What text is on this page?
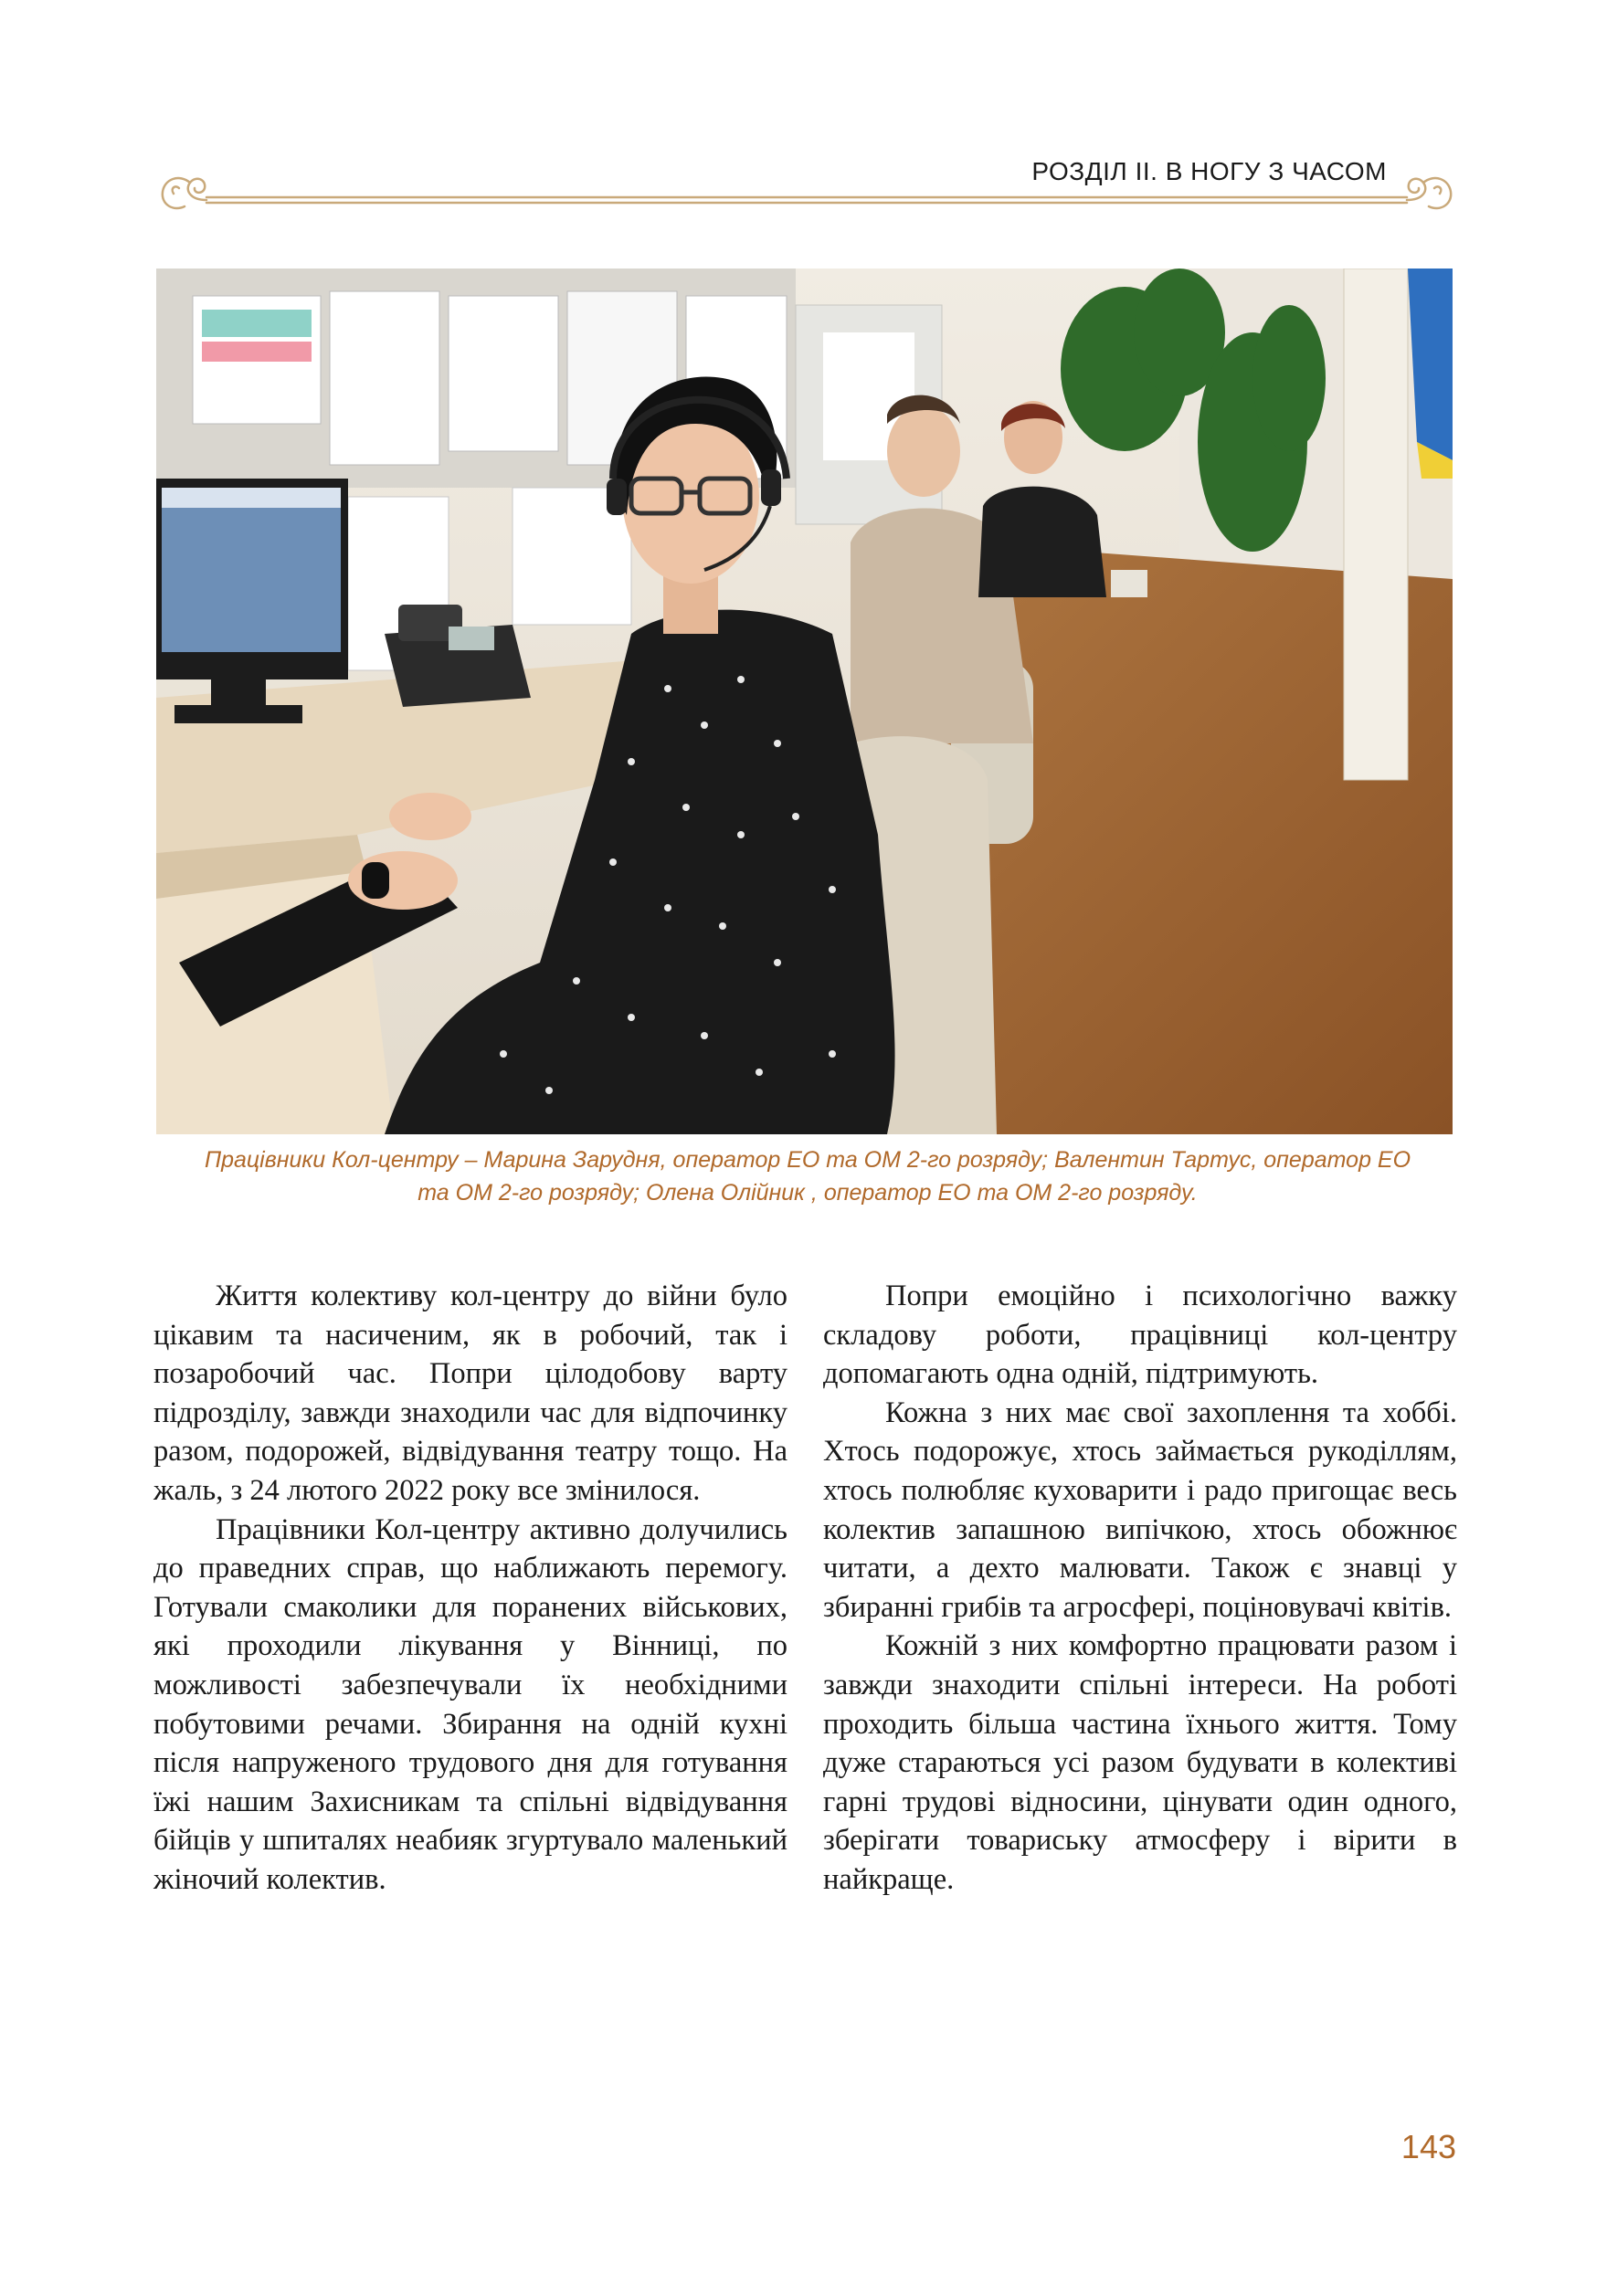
РОЗДІЛ ІІ. В НОГУ З ЧАСОМ
Працівники Кол-центру – Марина Зарудня, оператор ЕО та ОМ 2-го розряду; Валентин Тартус, оператор ЕО
та ОМ 2-го розряду; Олена Олійник , оператор ЕО та ОМ 2-го розряду.

Життя колективу кол-центру до війни було цікавим та насиченим, як в робочий, так і позаробочий час. Попри цілодобову варту підрозділу, завжди знаходили час для відпочинку разом, подорожей, відвідування театру тощо. На жаль, з 24 лютого 2022 року все змінилося.

Працівники Кол-центру активно долучились до праведних справ, що наближають перемогу. Готували смаколики для поранених військових, які проходили лікування у Вінниці, по можливості забезпечували їх необхідними побутовими речами. Збирання на одній кухні після напруженого трудового дня для готування їжі нашим Захисникам та спільні відвідування бійців у шпиталях неабияк згуртувало маленький жіночий колектив.

Попри емоційно і психологічно важку складову роботи, працівниці кол-центру допомагають одна одній, підтримують.

Кожна з них має свої захоплення та хоббі. Хтось подорожує, хтось займається рукоділлям, хтось полюбляє куховарити і радо пригощає весь колектив запашною випічкою, хтось обожнює читати, а дехто малювати. Також є знавці у збиранні грибів та агросфері, поціновувачі квітів.

Кожній з них комфортно працювати разом і завжди знаходити спільні інтереси. На роботі проходить більша частина їхнього життя. Тому дуже стараються усі разом будувати в колективі гарні трудові відносини, цінувати один одного, зберігати товариську атмосферу і вірити в найкраще.

143
